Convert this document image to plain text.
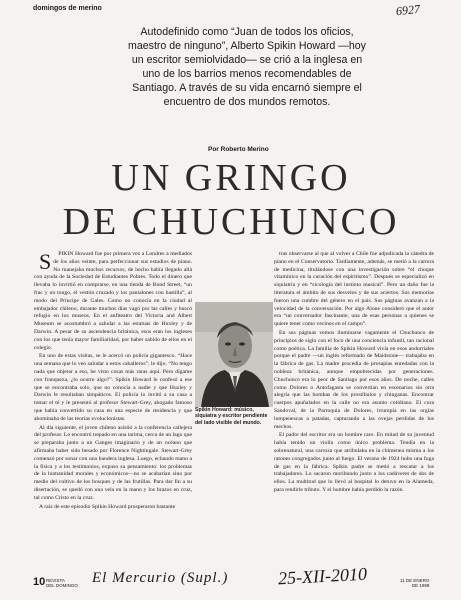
domingos de merino	6927
Autodefinido como “Juan de todos los oficios,
maestro de ninguno”, Alberto Spikin Howard —hoy
un escritor semiolvidado— se crió a la inglesa en
uno de los barrios menos recomendables de
Santiago. A través de su vida encarnó siempre el
encuentro de dos mundos remotos.
Por Roberto Merino
UN GRINGO
DE CHUCHUNCO

S PIKIN Howard fue por primera vez a Londres a mediados de los años veinte, para perfeccionar sus estudios de piano. No manejaba muchos recursos, de hecho había llegado allá con ayuda de la Sociedad de Estudiantes Pobres. Todo el dinero que llevaba lo invirtió en comprarse, en una tienda de Bond Street, “un frac y un tongo, el vestón cruzado y los pantalones con bastilla”, al modo del Príncipe de Gales. Como no conocía en la ciudad al embajador chileno, durante muchos días vagó por las calles y buscó refugio en los museos. En el anfiteatro del Victoria and Albert Museum se acostumbró a saludar a las estatuas de Huxley y de Darwin. A pesar de su ascendencia británica, esos eran los ingleses con los que tenía mayor familiaridad, por haber sabido de ellos en el colegio.

En uno de estas visitas, se le acercó un policía gigantesco. “Hace una semana que lo veo saludar a estos caballeros”, le dijo. “No tengo nada que objetar a eso, he visto cosas más raras aquí. Pero dígame con franqueza, ¿lo ocurre algo?”. Spikin Howard le confesó a ese que se encontraba solo, que no conocía a nadie y que Huxley y Darwin le resultaban simpáticos. El policía lo invitó a su casa a tomar el té y le presentó al profesor Stewart-Grey, abogado famoso que había convertido su casa en una especie de residencia y que abominaba de las teorías evolucionistas.

Al día siguiente, el joven chileno asistió a la conferencia callejera del profesor. Lo encontró trepado en una tarima, cerca de un lago que se preparaba junto a un Ganges imaginario y de un océano que afirmaba haber sido besado por Florence Nightingale. Stewart-Grey comenzó por sonar con una bandera inglesa. Luego, echando mano a la física y a los testimonios, expuso su pensamiento: los problemas de la humanidad morales y económicos—no se acabarían sino por medio del cultivo de los bosques y de las frutillas. Para dar fin a su disertación, se quedó con una vela en la mano y los brazos en cruz, tal como Cristo en la cruz.

A raíz de este episodio Spikin Howard prosperaron bastante

Spikin Howard: músico, siquiatra y escritor pendiente del lado visible del mundo.

tras observarse al que al volver a Chile fue adjudicada la cátedra de piano en el Conservatorio. Tardíamente, además, se metió a la carrera de medicina, titulándose con una investigación sobre “el choque vitamínico en la curación del espiritismo”. Después se especializó en siquiatría y en “sicología del instinto musical”. Pero un daño fue la literatura el ámbito de sus desvelos y de sus aciertos. Sus memorias fueron una cumbre del género en el país. Sus páginas avanzan a la velocidad de la conversación. Por algo Alone consideró que el autor era “un conversador fascinante, una de esas personas a quienes se quiere tener como vecinos en el campo”.

En sus páginas vemos iluminarse vagamente el Chuchunco de principios de siglo con el foco de una conciencia infantil, tan racional como poética. La familia de Spikin Howard vivía en esos andurriales porque el padre —un inglés reformado de Maidstone— trabajaba en la fábrica de gas. La madre procedía de prosapias enredadas con la nobleza británica, aunque empobrecidas por generaciones. Chuchunco era lo peor de Santiago por esos años. De noche, calles como Dolores o Antofagasta se convertían en escenarios sin otra alegría que las bombas de los prostíbulos y chinganas. Encontrar cuerpos apuñalados en la calle no era asunto cotidiano. El cura Sandoval, de la Parroquia de Dolores, irrumpía en las orgías lumpenescas a patadas, capturando a las ovejas perdidas de los mechos.

El padre del escritor era un hombre raro. En mitad de su juventud había tenido un violín como único problema. Tendía en la sobrenatural, una carroza que atribulaba en la chimenea misma a los ratones congregados junto al fuego. El verano de 1924 hubo una fuga de gas en la fábrica. Spikin padre se metió a rescatar a los trabajadores. Lo sacaron moribundo junto a los cadáveres de dos de ellos. La multitud que lo llevó al hospital lo detuvo en la Alameda, para rendirle tributo. Y el hombre había perdido la razón.

10 REVISTA
DEL DOMINGO El Mercurio (Supl.)	25-XII-2010	11 DE ENERO
DE 1998
